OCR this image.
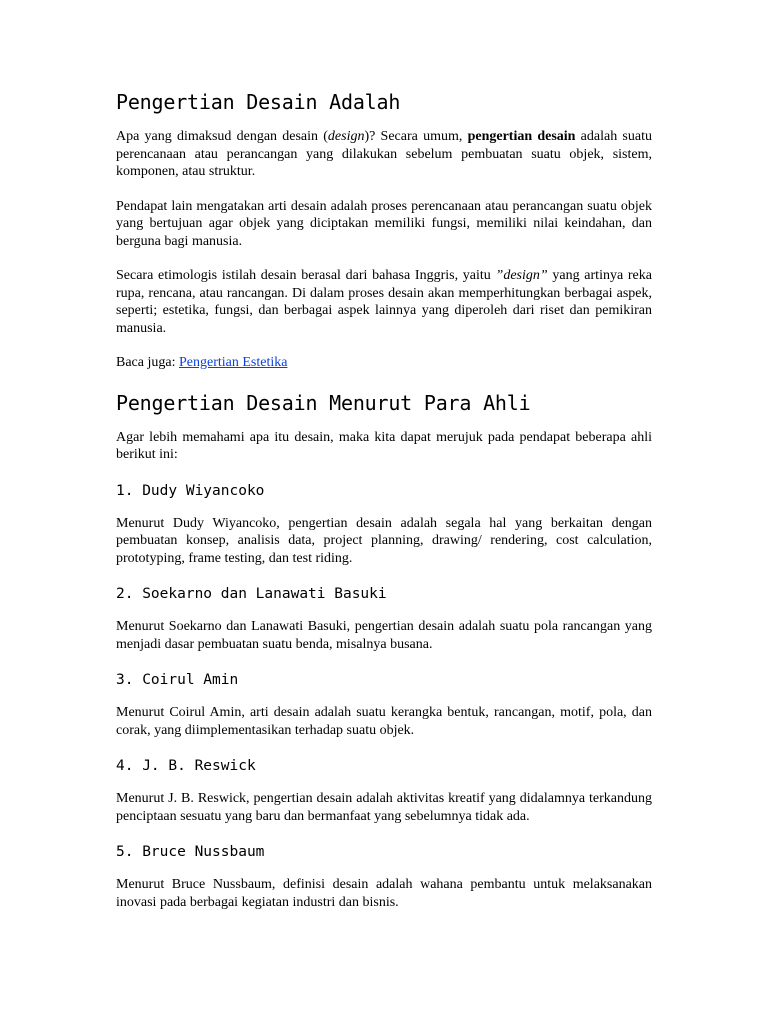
Pengertian Desain Adalah

Apa yang dimaksud dengan desain (design)? Secara umum, pengertian desain adalah suatu perencanaan atau perancangan yang dilakukan sebelum pembuatan suatu objek, sistem, komponen, atau struktur.

Pendapat lain mengatakan arti desain adalah proses perencanaan atau perancangan suatu objek yang bertujuan agar objek yang diciptakan memiliki fungsi, memiliki nilai keindahan, dan berguna bagi manusia.

Secara etimologis istilah desain berasal dari bahasa Inggris, yaitu ”design” yang artinya reka rupa, rencana, atau rancangan. Di dalam proses desain akan memperhitungkan berbagai aspek, seperti; estetika, fungsi, dan berbagai aspek lainnya yang diperoleh dari riset dan pemikiran manusia.

Baca juga: Pengertian Estetika

Pengertian Desain Menurut Para Ahli

Agar lebih memahami apa itu desain, maka kita dapat merujuk pada pendapat beberapa ahli berikut ini:

1. Dudy Wiyancoko

Menurut Dudy Wiyancoko, pengertian desain adalah segala hal yang berkaitan dengan pembuatan konsep, analisis data, project planning, drawing/ rendering, cost calculation, prototyping, frame testing, dan test riding.

2. Soekarno dan Lanawati Basuki

Menurut Soekarno dan Lanawati Basuki, pengertian desain adalah suatu pola rancangan yang menjadi dasar pembuatan suatu benda, misalnya busana.

3. Coirul Amin

Menurut Coirul Amin, arti desain adalah suatu kerangka bentuk, rancangan, motif, pola, dan corak, yang diimplementasikan terhadap suatu objek.

4. J. B. Reswick

Menurut J. B. Reswick, pengertian desain adalah aktivitas kreatif yang didalamnya terkandung penciptaan sesuatu yang baru dan bermanfaat yang sebelumnya tidak ada.

5. Bruce Nussbaum

Menurut Bruce Nussbaum, definisi desain adalah wahana pembantu untuk melaksanakan inovasi pada berbagai kegiatan industri dan bisnis.
